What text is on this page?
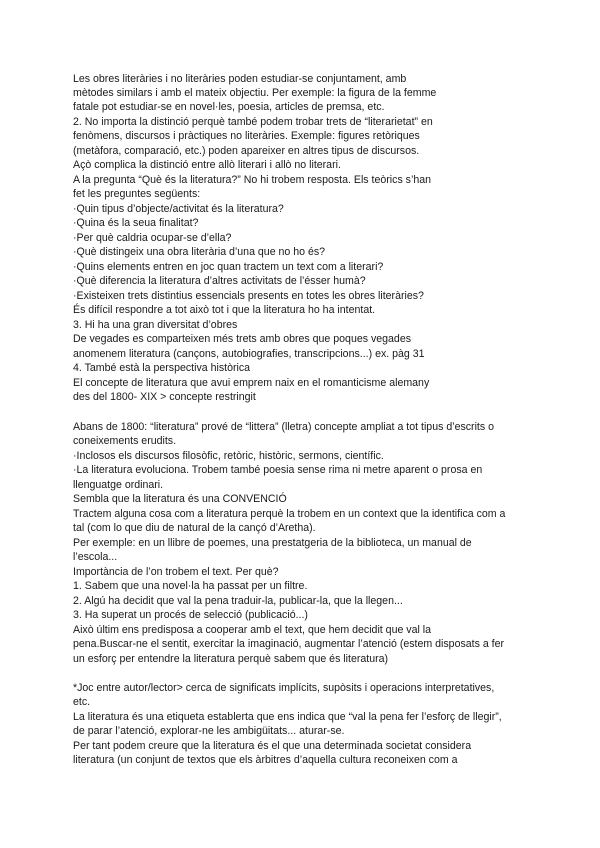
Les obres literàries i no literàries poden estudiar-se conjuntament, amb
mètodes similars i amb el mateix objectiu. Per exemple: la figura de la femme
fatale pot estudiar-se en novel·les, poesia, articles de premsa, etc.
2. No importa la distinció perquè també podem trobar trets de “literarietat” en
fenòmens, discursos i pràctiques no literàries. Exemple: figures retòriques
(metàfora, comparació, etc.) poden apareixer en altres tipus de discursos.
Açò complica la distinció entre allò literari i allò no literari.
A la pregunta “Què és la literatura?” No hi trobem resposta. Els teòrics s’han
fet les preguntes següents:
·Quin tipus d’objecte/activitat és la literatura?
·Quina és la seua finalitat?
·Per què caldria ocupar-se d’ella?
·Què distingeix una obra literària d’una que no ho és?
·Quins elements entren en joc quan tractem un text com a literari?
·Què diferencia la literatura d’altres activitats de l’ésser humà?
·Existeixen trets distintius essencials presents en totes les obres literàries?
És difícil respondre a tot això tot i que la literatura ho ha intentat.
3. Hi ha una gran diversitat d’obres
De vegades es comparteixen més trets amb obres que poques vegades
anomenem literatura (cançons, autobiografies, transcripcions...) ex. pàg 31
4. També està la perspectiva històrica
El concepte de literatura que avui emprem naix en el romanticisme alemany
des del 1800- XIX > concepte restringit
Abans de 1800: “literatura” prové de “littera” (lletra) concepte ampliat a tot tipus d’escrits o
coneixements erudits.
·Inclosos els discursos filosòfic, retòric, històric, sermons, científic.
·La literatura evoluciona. Trobem també poesia sense rima ni metre aparent o prosa en
llenguatge ordinari.
Sembla que la literatura és una CONVENCIÓ
Tractem alguna cosa com a literatura perquè la trobem en un context que la identifica com a
tal (com lo que diu de natural de la cançó d’Aretha).
Per exemple: en un llibre de poemes, una prestatgeria de la biblioteca, un manual de
l’escola...
Importància de l’on trobem el text. Per què?
1. Sabem que una novel·la ha passat per un filtre.
2. Algú ha decidit que val la pena traduir-la, publicar-la, que la llegen...
3. Ha superat un procés de selecció (publicació...)
Això últim ens predisposa a cooperar amb el text, que hem decidit que val la
pena.Buscar-ne el sentit, exercitar la imaginació, augmentar l’atenció (estem disposats a fer
un esforç per entendre la literatura perquè sabem que és literatura)
*Joc entre autor/lector> cerca de significats implícits, supòsits i operacions interpretatives,
etc.
La literatura és una etiqueta establerta que ens indica que “val la pena fer l’esforç de llegir”,
de parar l’atenció, explorar-ne les ambigüitats... aturar-se.
Per tant podem creure que la literatura és el que una determinada societat considera
literatura (un conjunt de textos que els àrbitres d’aquella cultura reconeixen com a
